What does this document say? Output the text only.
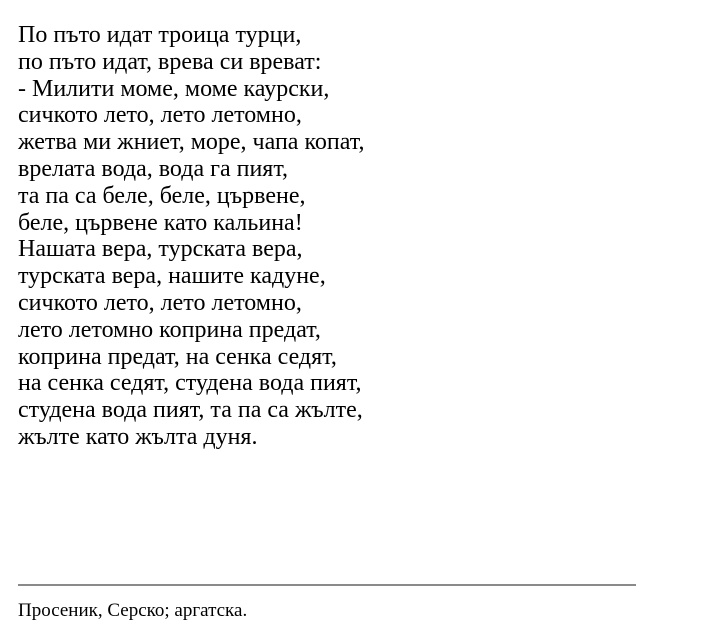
По пъто идат троица турци,
по пъто идат, врева си вреват:
- Милити моме, моме каурски,
сичкото лето, лето летомно,
жетва ми жниет, море, чапа копат,
врелата вода, вода га пият,
та па са беле, беле, цървене,
беле, цървене като кальина!
Нашата вера, турската вера,
турската вера, нашите кадуне,
сичкото лето, лето летомно,
лето летомно коприна предат,
коприна предат, на сенка седят,
на сенка седят, студена вода пият,
студена вода пият, та па са жълте,
жълте като жълта дуня.
Просеник, Серско; аргатска.
